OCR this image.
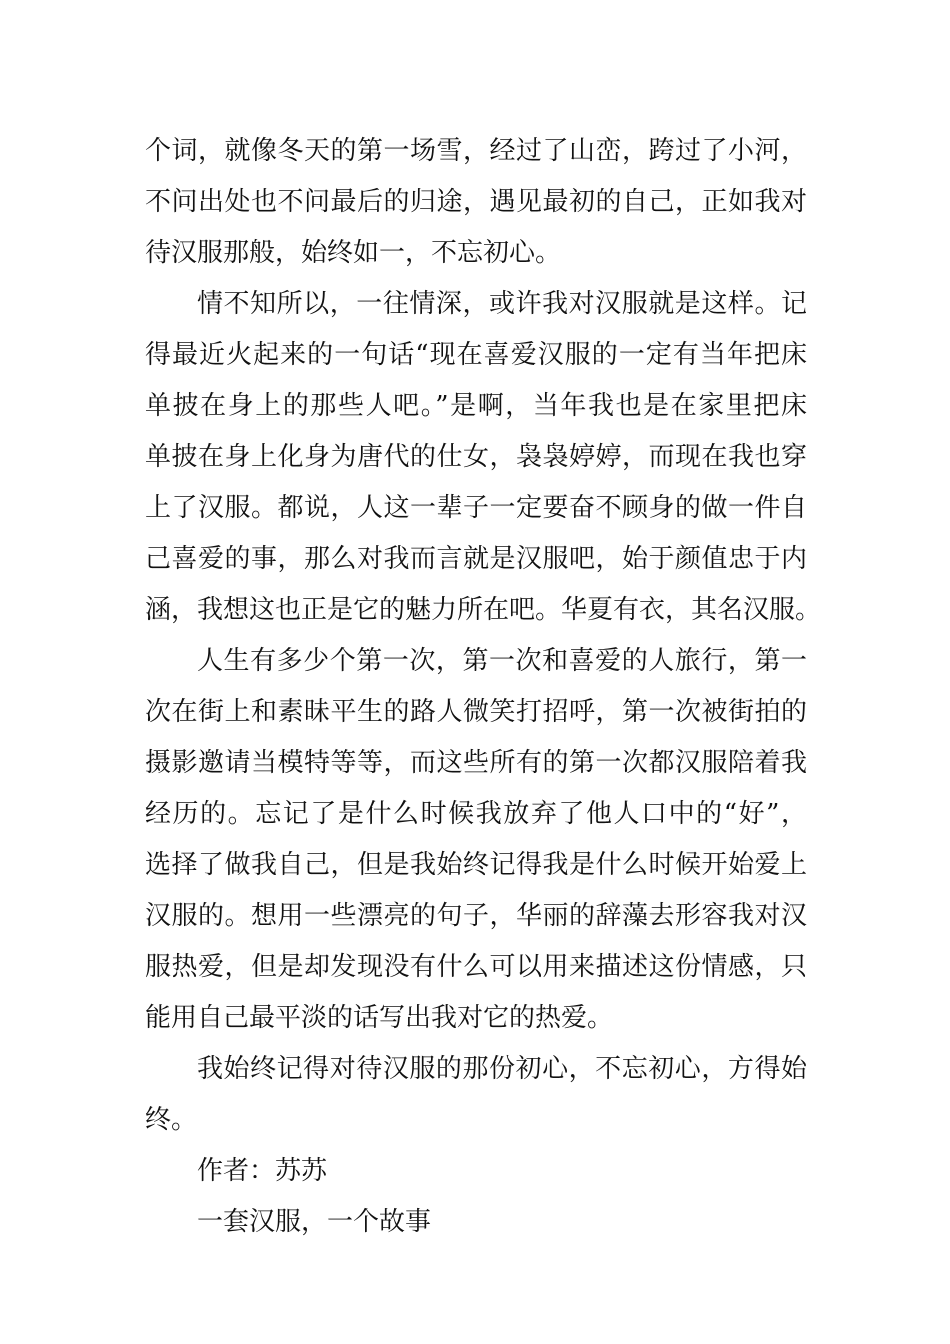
个词，就像冬天的第一场雪，经过了山峦，跨过了小河，
不问出处也不问最后的归途，遇见最初的自己，正如我对
待汉服那般，始终如一，不忘初心。
情不知所以，一往情深，或许我对汉服就是这样。记
得最近火起来的一句话“现在喜爱汉服的一定有当年把床
单披在身上的那些人吧。”是啊，当年我也是在家里把床
单披在身上化身为唐代的仕女，袅袅婷婷，而现在我也穿
上了汉服。都说，人这一辈子一定要奋不顾身的做一件自
己喜爱的事，那么对我而言就是汉服吧，始于颜值忠于内
涵，我想这也正是它的魅力所在吧。华夏有衣，其名汉服。
人生有多少个第一次，第一次和喜爱的人旅行，第一
次在街上和素昧平生的路人微笑打招呼，第一次被街拍的
摄影邀请当模特等等，而这些所有的第一次都汉服陪着我
经历的。忘记了是什么时候我放弃了他人口中的“好”，
选择了做我自己，但是我始终记得我是什么时候开始爱上
汉服的。想用一些漂亮的句子，华丽的辞藻去形容我对汉
服热爱，但是却发现没有什么可以用来描述这份情感，只
能用自己最平淡的话写出我对它的热爱。
我始终记得对待汉服的那份初心，不忘初心，方得始
终。
作者：苏苏
一套汉服，一个故事
